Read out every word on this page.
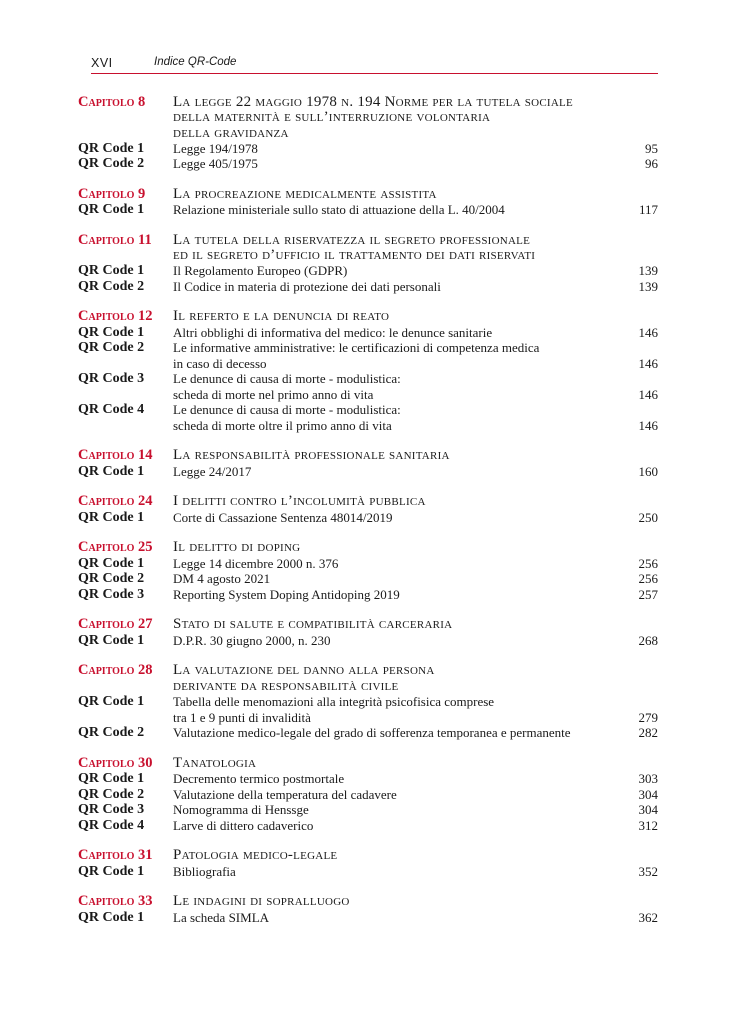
XVI	Indice QR-Code
Capitolo 8	La legge 22 maggio 1978 n. 194 Norme per la tutela sociale
della maternità e sull’interruzione volontaria
della gravidanza
QR Code 1	Legge 194/1978	95
QR Code 2	Legge 405/1975	96
Capitolo 9	La procreazione medicalmente assistita
QR Code 1	Relazione ministeriale sullo stato di attuazione della L. 40/2004	117
Capitolo 11	La tutela della riservatezza il segreto professionale
ed il segreto d’ufficio il trattamento dei dati riservati
QR Code 1	Il Regolamento Europeo (GDPR)	139
QR Code 2	Il Codice in materia di protezione dei dati personali	139
Capitolo 12	Il referto e la denuncia di reato
QR Code 1	Altri obblighi di informativa del medico: le denunce sanitarie	146
QR Code 2	Le informative amministrative: le certificazioni di competenza medica
in caso di decesso	146
QR Code 3	Le denunce di causa di morte - modulistica:
scheda di morte nel primo anno di vita	146
QR Code 4	Le denunce di causa di morte - modulistica:
scheda di morte oltre il primo anno di vita	146
Capitolo 14	La responsabilità professionale sanitaria
QR Code 1	Legge 24/2017	160
Capitolo 24	I delitti contro l’incolumità pubblica
QR Code 1	Corte di Cassazione Sentenza 48014/2019	250
Capitolo 25	Il delitto di doping
QR Code 1	Legge 14 dicembre 2000 n. 376	256
QR Code 2	DM 4 agosto 2021	256
QR Code 3	Reporting System Doping Antidoping 2019	257
Capitolo 27	Stato di salute e compatibilità carceraria
QR Code 1	D.P.R. 30 giugno 2000, n. 230	268
Capitolo 28	La valutazione del danno alla persona
derivante da responsabilità civile
QR Code 1	Tabella delle menomazioni alla integrità psicofisica comprese
tra 1 e 9 punti di invalidità	279
QR Code 2	Valutazione medico-legale del grado di sofferenza temporanea e permanente	282
Capitolo 30	Tanatologia
QR Code 1	Decremento termico postmortale	303
QR Code 2	Valutazione della temperatura del cadavere	304
QR Code 3	Nomogramma di Henssge	304
QR Code 4	Larve di dittero cadaverico	312
Capitolo 31	Patologia medico-legale
QR Code 1	Bibliografia	352
Capitolo 33	Le indagini di sopralluogo
QR Code 1	La scheda SIMLA	362
